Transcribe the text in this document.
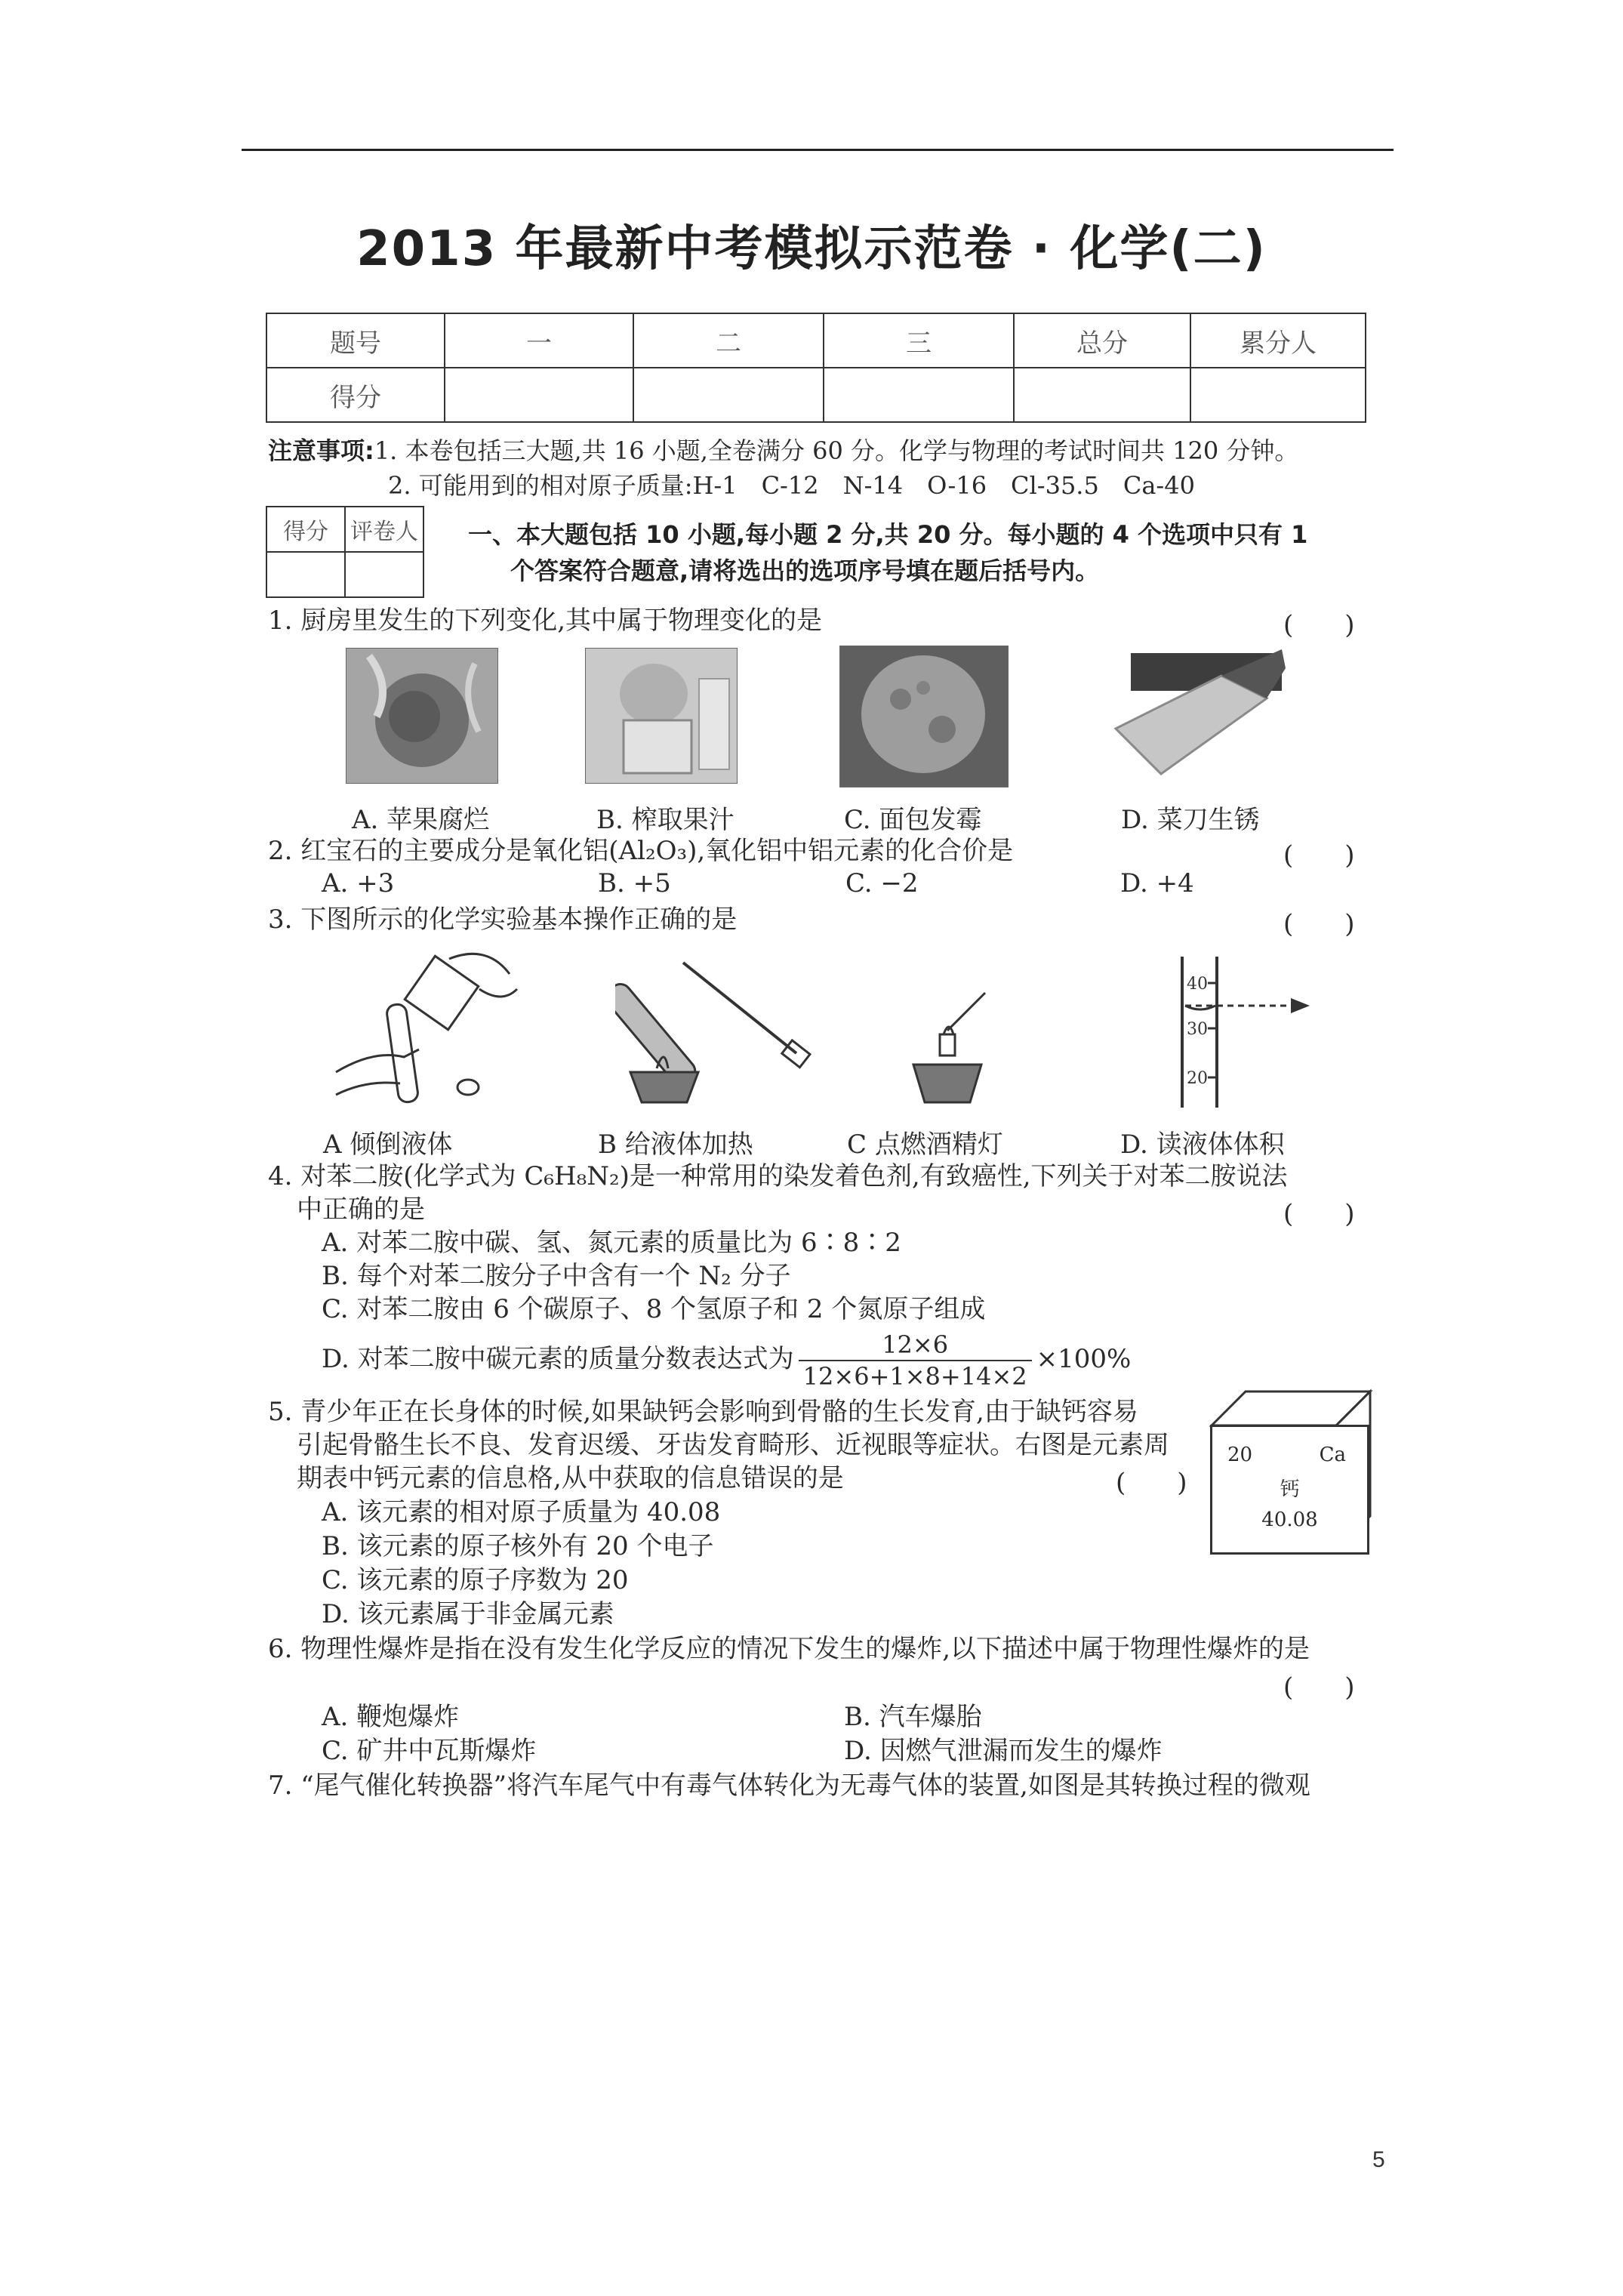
2013 年最新中考模拟示范卷 · 化学(二)
题号	一	二	三	总分	累分人
得分					
注意事项:1. 本卷包括三大题,共 16 小题,全卷满分 60 分。化学与物理的考试时间共 120 分钟。
2. 可能用到的相对原子质量:H-1　C-12　N-14　O-16　Cl-35.5　Ca-40
得分	评卷人
	一、本大题包括 10 小题,每小题 2 分,共 20 分。每小题的 4 个选项中只有 1
个答案符合题意,请将选出的选项序号填在题后括号内。
1. 厨房里发生的下列变化,其中属于物理变化的是	(　　)
A. 苹果腐烂	B. 榨取果汁	C. 面包发霉	D. 菜刀生锈
2. 红宝石的主要成分是氧化铝(Al₂O₃),氧化铝中铝元素的化合价是	(　　)
A. +3	B. +5	C. −2	D. +4
3. 下图所示的化学实验基本操作正确的是	(　　)
40
30
20
A 倾倒液体	B 给液体加热	C 点燃酒精灯	D. 读液体体积
4. 对苯二胺(化学式为 C₆H₈N₂)是一种常用的染发着色剂,有致癌性,下列关于对苯二胺说法
中正确的是	(　　)
A. 对苯二胺中碳、氢、氮元素的质量比为 6∶8∶2
B. 每个对苯二胺分子中含有一个 N₂ 分子
C. 对苯二胺由 6 个碳原子、8 个氢原子和 2 个氮原子组成
D. 对苯二胺中碳元素的质量分数表达式为 $\frac{12\times 6}{12\times 6+1\times 8+14\times 2} \times 100\%$
5. 青少年正在长身体的时候,如果缺钙会影响到骨骼的生长发育,由于缺钙容易
引起骨骼生长不良、发育迟缓、牙齿发育畸形、近视眼等症状。右图是元素周
期表中钙元素的信息格,从中获取的信息错误的是	(　　)
A. 该元素的相对原子质量为 40.08
B. 该元素的原子核外有 20 个电子
C. 该元素的原子序数为 20
D. 该元素属于非金属元素
20	Ca
钙
40.08
6. 物理性爆炸是指在没有发生化学反应的情况下发生的爆炸,以下描述中属于物理性爆炸的是
(　　)
A. 鞭炮爆炸	B. 汽车爆胎
C. 矿井中瓦斯爆炸	D. 因燃气泄漏而发生的爆炸
7. “尾气催化转换器”将汽车尾气中有毒气体转化为无毒气体的装置,如图是其转换过程的微观
5
